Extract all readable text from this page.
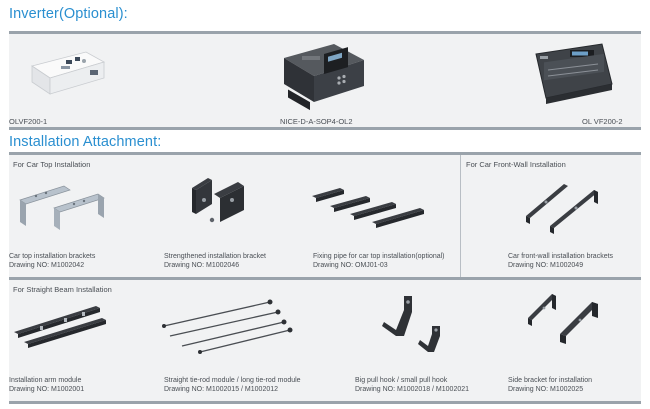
Inverter(Optional):
OLVF200-1	NICE-D-A-SOP4-OL2	OL VF200-2
Installation Attachment:
For Car Top Installation	For Car Front-Wall Installation
Car top installation brackets
Drawing NO: M1002042
Strengthened installation bracket
Drawing NO: M1002046
Fixing pipe for car top installation(optional)
Drawing NO: OMJ01-03
Car front-wall installation brackets
Drawing NO: M1002049
For Straight Beam Installation
Installation arm module
Drawing NO: M1002001
Straight tie-rod module / long tie-rod module
Drawing NO: M1002015 / M1002012
Big pull hook / small pull hook
Drawing NO: M1002018 / M1002021
Side bracket for installation
Drawing NO: M1002025
